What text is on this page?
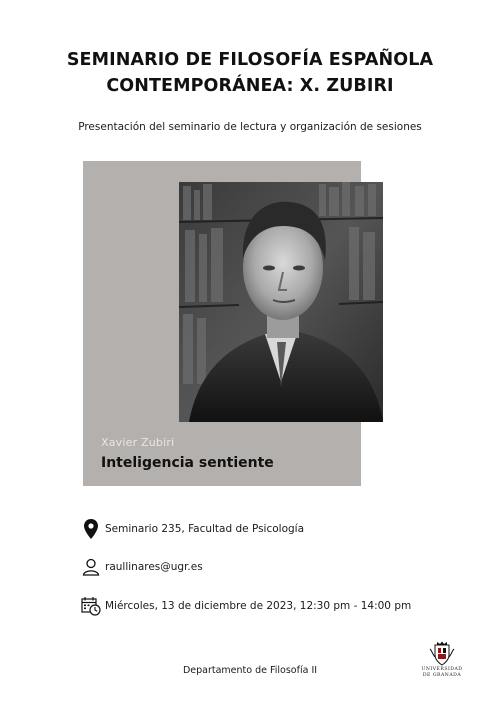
SEMINARIO DE FILOSOFÍA ESPAÑOLA
CONTEMPORÁNEA: X. ZUBIRI
Presentación del seminario de lectura y organización de sesiones
Xavier Zubiri
Inteligencia sentiente
Seminario 235, Facultad de Psicología
raullinares@ugr.es
Miércoles, 13 de diciembre de 2023, 12:30 pm - 14:00 pm
Departamento de Filosofía II	UNIVERSIDAD
DE GRANADA
